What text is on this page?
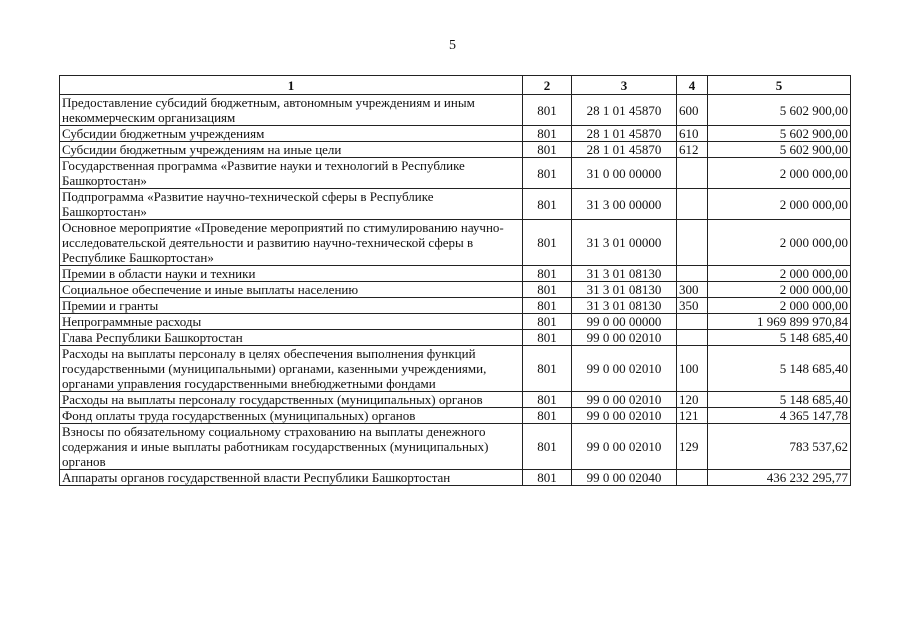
5
1	2	3	4	5
Предоставление субсидий бюджетным, автономным учреждениям и иным некоммерческим организациям	801	28 1 01 45870	600	5 602 900,00
Субсидии бюджетным учреждениям	801	28 1 01 45870	610	5 602 900,00
Субсидии бюджетным учреждениям на иные цели	801	28 1 01 45870	612	5 602 900,00
Государственная программа «Развитие науки и технологий в Республике Башкортостан»	801	31 0 00 00000		2 000 000,00
Подпрограмма «Развитие научно-технической сферы в Республике Башкортостан»	801	31 3 00 00000		2 000 000,00
Основное мероприятие «Проведение мероприятий по стимулированию научно-исследовательской деятельности и развитию научно-технической сферы в Республике Башкортостан»	801	31 3 01 00000		2 000 000,00
Премии в области науки и техники	801	31 3 01 08130		2 000 000,00
Социальное обеспечение и иные выплаты населению	801	31 3 01 08130	300	2 000 000,00
Премии и гранты	801	31 3 01 08130	350	2 000 000,00
Непрограммные расходы	801	99 0 00 00000		1 969 899 970,84
Глава Республики Башкортостан	801	99 0 00 02010		5 148 685,40
Расходы на выплаты персоналу в целях обеспечения выполнения функций государственными (муниципальными) органами, казенными учреждениями, органами управления государственными внебюджетными фондами	801	99 0 00 02010	100	5 148 685,40
Расходы на выплаты персоналу государственных (муниципальных) органов	801	99 0 00 02010	120	5 148 685,40
Фонд оплаты труда государственных (муниципальных) органов	801	99 0 00 02010	121	4 365 147,78
Взносы по обязательному социальному страхованию на выплаты денежного содержания и иные выплаты работникам государственных (муниципальных) органов	801	99 0 00 02010	129	783 537,62
Аппараты органов государственной власти Республики Башкортостан	801	99 0 00 02040		436 232 295,77
